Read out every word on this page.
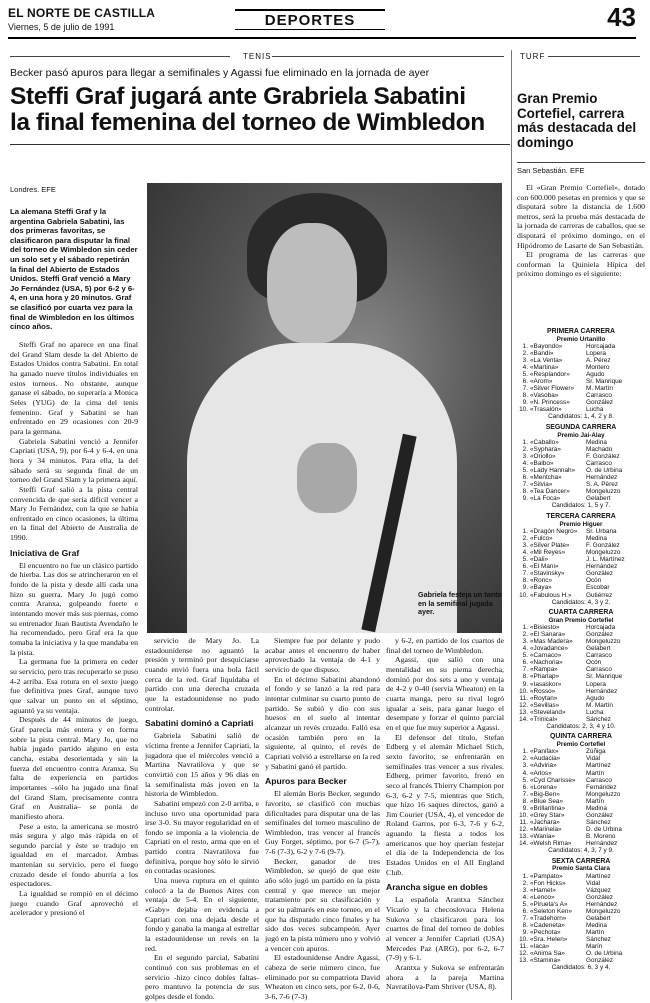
EL NORTE DE CASTILLA
Viernes, 5 de julio de 1991	DEPORTES	43
TENIS	TURF
Becker pasó apuros para llegar a semifinales y Agassi fue eliminado en la jornada de ayer
Steffi Graf jugará ante Grabriela Sabatini
la final femenina del torneo de Wimbledon
Londres. EFE
La alemana Steffi Graf y la argentina Gabriela Sabatini, las dos primeras favoritas, se clasificaron para disputar la final del torneo de Wimbledon sin ceder un solo set y el sábado repetirán la final del Abierto de Estados Unidos. Steffi Graf venció a Mary Jo Fernández (USA, 5) por 6-2 y 6-4, en una hora y 20 minutos. Graf se clasificó por cuarta vez para la final de Wimbledon en los últimos cinco años.
Gabriela festeja un tanto en la semifinal jugada ayer.

Steffi Graf no aparece en una final del Grand Slam desde la del Abierto de Estados Unidos contra Sabatini. En total ha ganado nueve títulos individuales en estos torneos. No obstante, aunque ganase el sábado, no superaría a Monica Seles (YUG) de la cima del tenis femenino. Graf y Sabatini se han enfrentado en 29 ocasiones con 20-9 para la germana.

Gabriela Sabatini venció a Jennifer Capriati (USA, 9), por 6-4 y 6-4, en una hora y 34 minutos. Para ella, la del sábado será su segunda final de un torneo del Grand Slam y la primera aquí.

Steffi Graf salió a la pista central convencida de que sería difícil vencer a Mary Jo Fernández, con la que se había enfrentado en cinco ocasiones, la última en la final del Abierto de Australia de 1990.

Iniciativa de Graf

El encuentro no fue un clásico partido de hierba. Las dos se atrincheraron en el fondo de la pista y desde allí cada una hizo su guerra. Mary Jo jugó como contra Aranxa, golpeando fuerte e intentando mover más sus piernas, como su entrenador Juan Bautista Avendaño le ha recomendado, pero Graf era la que tomaba la iniciativa y la que mandaba en la pista.

La germana fue la primera en ceder su servicio, pero tras recuperarlo se puso 4-2 arriba. Esa rotura en el sexto juego fue definitiva pues Graf, aunque tuvo que salvar un punto en el séptimo, aguantó ya su ventaja.

Después de 44 minutos de juego, Graf parecía más entera y en forma sobre la pista central. Mary Jo, que no había jugado partido alguno en esta cancha, estaba desorientada y sin la fuerza del encuentro contra Aranxa. Su falta de experiencia en partidos importantes –sólo ha jugado una final del Grand Slam, precisamente contra Graf en Australia– se ponía de manifiesto ahora.

Pese a esto, la americana se mostró más segura y algo más rápida en el segundo parcial y éste se tradujo en igualdad en el marcador. Ambas mantenían su servicio, pero el fuego cruzado desde el fondo aburría a los espectadores.

La igualdad se rompió en el décimo juego cuando Graf aprovechó el acelerador y presionó el

servicio de Mary Jo. La estadounidense no aguantó la presión y terminó por desquiciarse cuando envió fuera una bola fácil cerca de la red. Graf liquidaba el partido con una derecha cruzada que la estadounidense no pudo controlar.

Sabatini dominó a Capriati

Gabriela Sabatini salió de víctima frente a Jennifer Capriati, la jugadora que el miércoles venció a Martina Navratilova y que se convirtió con 15 años y 96 días en la semifinalista más joven en la historia de Wimbledon.

Sabatini empezó con 2-0 arriba, e incluso tuvo una oportunidad para irse 3-0. Su mayor regularidad en el fondo se imponía a la violencia de Capriati en el resto, arma que en el partido contra Navratilova fue definitiva, porque hoy sólo le sirvió en contadas ocasiones.

Una nueva ruptura en el quinto colocó a la de Buenos Aires con ventaja de 5-4. En el siguiente, «Gaby» dejaba en evidencia a Capriati con una dejada desde el fondo y ganaba la manga al estrellar la estadounidense un revés en la red.

En el segundo parcial, Sabatini continuó con sus problemas en el servicio -hizo cinco dobles faltas- pero mantuvo la potencia de sus golpes desde el fondo.

Siempre fue por delante y pudo acabar antes el encuentro de haber aprovechado la ventaja de 4-1 y servicio de que dispuso.

En el décimo Sabatini abandonó el fondo y se lanzó a la red para intentar culminar su cuarto punto de partido. Se subió y dio con sus huesos en el suelo al intentar alcanzar un revés cruzado. Falló esa ocasión también pero en la siguiente, al quinto, el revés de Capriati volvió a estrellarse en la red y Sabatini ganó el partido.

Apuros para Becker

El alemán Boris Becker, segundo favorito, se clasificó con muchas dificultades para disputar una de las semifinales del torneo masculino de Wimbledon, tras vencer al francés Guy Forget, séptimo, por 6-7 (5-7), 7-6 (7-3), 6-2 y 7-6 (9-7).

Becker, ganador de tres Wimbledon, se quejó de que este año sólo jugó un partido en la pista central y que merece un mejor tratamiento por su clasificación y por su palmarés en este torneo, en el que ha disputado cinco finales y ha sido dos veces subcampeón. Ayer jugó en la pista número uno y volvió a vencer con apuros.

El estadounidense Andre Agassi, cabeza de serie número cinco, fue eliminado por su compatriota David Wheaton en cinco sets, por 6-2, 0-6, 3-6, 7-6 (7-3)

y 6-2, en partido de los cuartos de final del torneo de Wimbledon.

Agassi, que salió con una mentalidad en su piema derecha, dominó por dos sets a uno y ventaja de 4-2 y 0-40 (servía Wheaton) en la cuarta manga, pero su rival logró igualar a seis, para ganar luego el desempate y forzar el quinto parcial en el que fue muy superior a Agassi.

El defensor del título, Stefan Edberg y el alemán Michael Stich, sexto favorito, se enfrentarán en semifinales tras vencer a sus rivales. Edberg, primer favorito, frenó en seco al francés Thierry Champion por 6-3, 6-2 y 7-5, mientras que Stich, que hizo 16 saques directos, ganó a Jim Courier (USA, 4), el vencedor de Roland Garros, por 6-3, 7-6 y 6-2, aguando la fiesta a todos los americanos que hoy querían festejar el día de la Independencia de los Estados Unidos en el All England Club.

Arancha sigue en dobles

La española Arantxa Sánchez Vicario y la checoslovaca Helena Sukova se clasificaron para los cuartos de final del torneo de dobles al vencer a Jennifer Capriati (USA) Mercedes Paz (ARG), por 6-2, 6-7 (7-9) y 6-1.

Arantxa y Sukova se enfrentarán ahora a la pareja Martina Navratilova-Pam Shriver (USA, 8).

Gran Premio Cortefiel, carrera más destacada del domingo
San Sebastián. EFE

El «Gran Premio Cortefiel», dotado con 600.000 pesetas en premios y que se disputará sobre la distancia de 1.600 metros, será la prueba más destacada de la jornada de carreras de caballos, que se disputará el próximo domingo, en el Hipódromo de Lasarte de San Sebastián.

El programa de las carreras que conforman la Quiniela Hípica del próximo domingo es el siguiente:

PRIMERA CARRERA
Premio Urtanillo
1. «Bayondo»	Horcajada
2. «Bandi»	Lopera
3. «La Venta»	A. Pérez
4. «Martina»	Montero
5. «Resplandor»	Agudo
6. «Arom»	Sr. Manrique
7. «Silver Flower»	M. Martín
8. «Vasoba»	Carrasco
9. «N. Princess»	González
10. «Trasalón»	Lucha
Candidatos: 1, 4, 2 y 8.
SEGUNDA CARRERA
Premio Jai-Alay
1. «Caballo»	Medina
2. «Syphara»	Machado
3. «Oriollo»	F. González
4. «Balbo»	Carrasco
5. «Lady Hannah»	O. de Urbina
6. «Mentcha»	Hernández
7. «Silvia»	S. A. Pérez
8. «Tea Dancer»	Mongeluzzo
9. «La Foca»	Gelabert
Candidatos: 1, 5 y 7.
TERCERA CARRERA
Premio Higuer
1. «Dragón Negro»	Sr. Urbana
2. «Fulco»	Medina
3. «Silver Plate»	F. González
4. «Mil Reyes»	Mongeluzzo
5. «Dali»	J. L. Martínez
6. «El Mani»	Hernández
7. «Stavinsky»	González
8. «Ronc»	Ocón
9. «Baya»	Escobar
10. «Fabulous H.»	Gutiérrez
Candidatos: 4, 3 y 2.
CUARTA CARRERA
Gran Premio Cortefiel
1. «Bisiesto»	Horcajada
2. «El Sanara»	González
3. «Mas Madera»	Mongeluzzo
4. «Jovadance»	Gelabert
5. «Carnaco»	Carrasco
6. «Nachona»	Ocón
7. «Rampa»	Carrasco
8. «Pharlap»	Sr. Manrique
9. «Iasaskor»	Lopera
10. «Rosso»	Hernández
11. «Roytan»	Agudo
12. «Sevillas»	M. Martín
13. «Steveland»	Lucha
14. «Trinical»	Sánchez
Candidatos: 2, 3, 4 y 10.
QUINTA CARRERA
Premio Cortefiel
1. «Panifax»	Zúñiga
2. «Audacia»	Vidal
3. «Adviria»	Martínez
4. «Arlos»	Martín
5. «Cyd Charisse»	Carrasco
6. «Lorena»	Fernández
7. «Big-Ben»	Mongeluzzo
8. «Blue Sea»	Martín
9. «Brillantina»	Medina
10. «Grey Star»	González
11. «Jachara»	Sánchez
12. «Marinela»	D. de Urbina
13. «Wania»	B. Moreno
14. «Welsh Rima»	Hernández
Candidatos: 4, 3, 7 y 9.
SEXTA CARRERA
Premio Santa Clara
1. «Pampato»	Martínez
2. «Fon Hicks»	Vidal
3. «Hamet»	Vázquez
4. «Lenco»	González
5. «Pirueta's A»	Hernández
6. «Seleton Ken»	Mongeluzzo
7. «Tradehorn»	Gelabert
8. «Cadeneta»	Medina
9. «Pechota»	Martín
10. «Sra. Helen»	Sánchez
11. «Iaca»	Marín
12. «Anima Sa»	O. de Urbina
13. «Stamina»	González
Candidatos: 6, 3 y 4.
